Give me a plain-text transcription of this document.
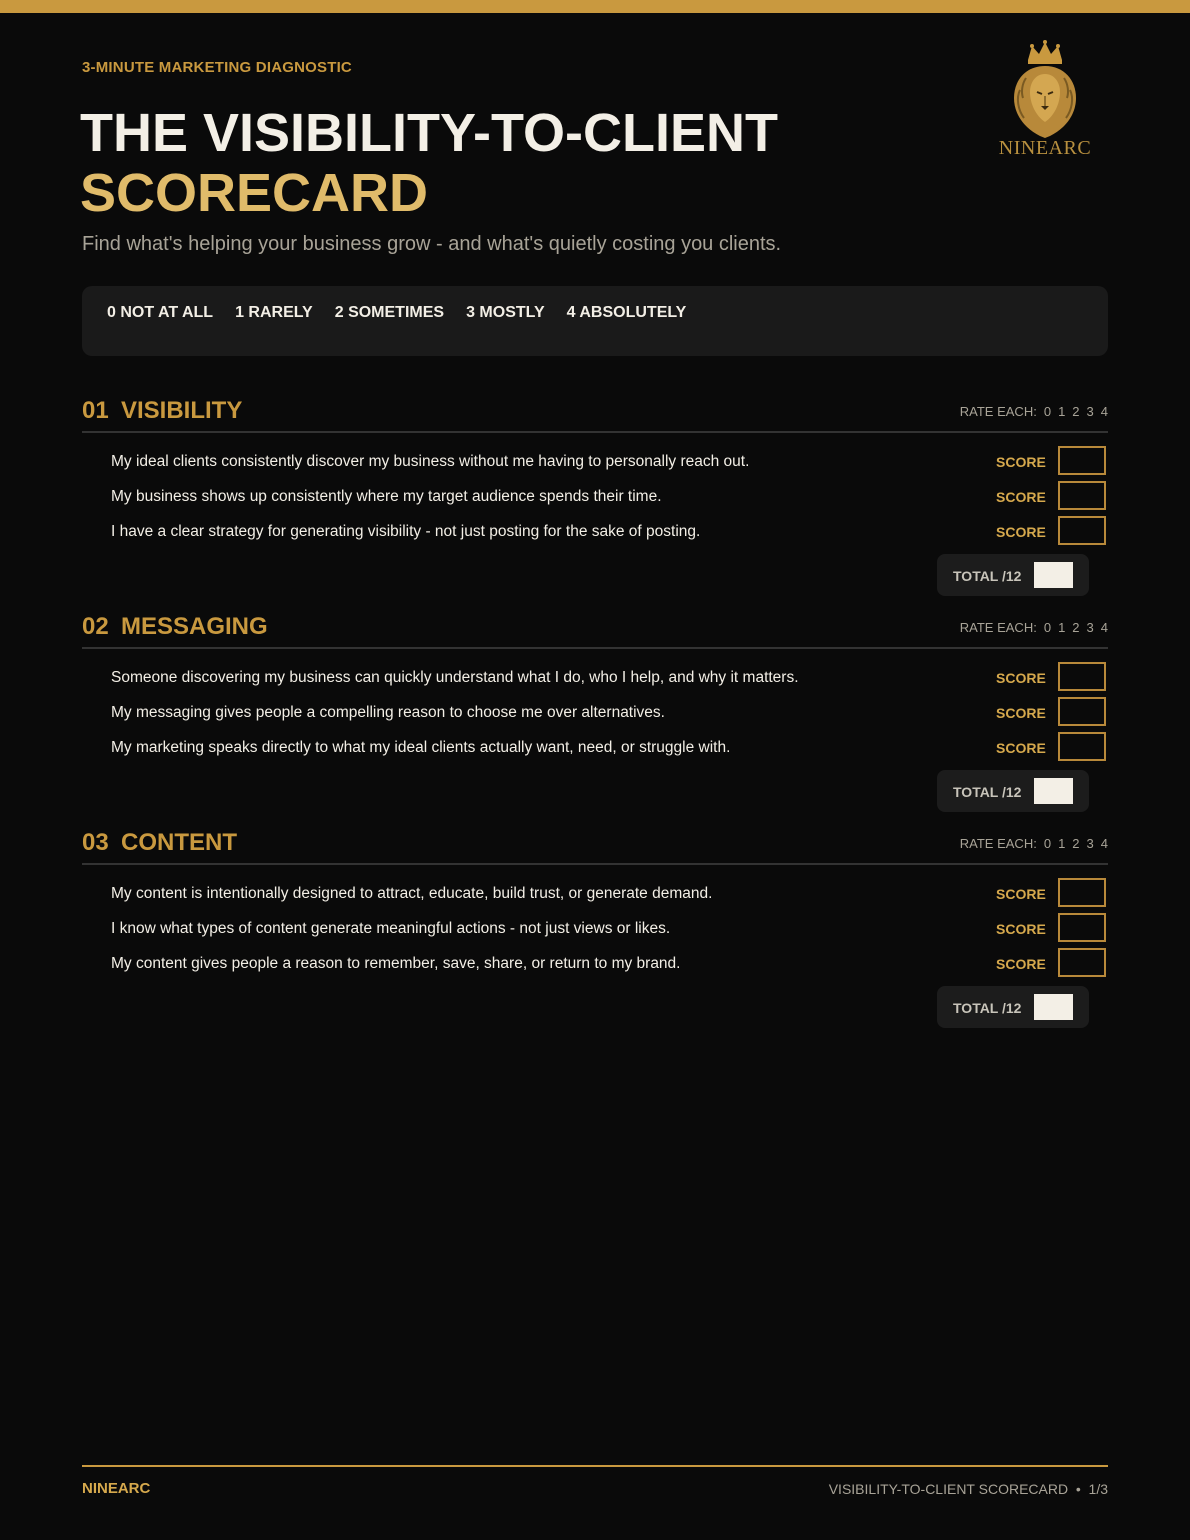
3-MINUTE MARKETING DIAGNOSTIC
THE VISIBILITY-TO-CLIENT
SCORECARD
Find what's helping your business grow - and what's quietly costing you clients.
NINEARC
0 NOT AT ALL 1 RARELY 2 SOMETIMES 3 MOSTLY 4 ABSOLUTELY
01 VISIBILITY	RATE EACH: 0 1 2 3 4
My ideal clients consistently discover my business without me having to personally reach out.	SCORE
My business shows up consistently where my target audience spends their time.	SCORE
I have a clear strategy for generating visibility - not just posting for the sake of posting.	SCORE
TOTAL /12
02 MESSAGING	RATE EACH: 0 1 2 3 4
Someone discovering my business can quickly understand what I do, who I help, and why it matters.	SCORE
My messaging gives people a compelling reason to choose me over alternatives.	SCORE
My marketing speaks directly to what my ideal clients actually want, need, or struggle with.	SCORE
TOTAL /12
03 CONTENT	RATE EACH: 0 1 2 3 4
My content is intentionally designed to attract, educate, build trust, or generate demand.	SCORE
I know what types of content generate meaningful actions - not just views or likes.	SCORE
My content gives people a reason to remember, save, share, or return to my brand.	SCORE
TOTAL /12
NINEARC	VISIBILITY-TO-CLIENT SCORECARD  •  1/3
